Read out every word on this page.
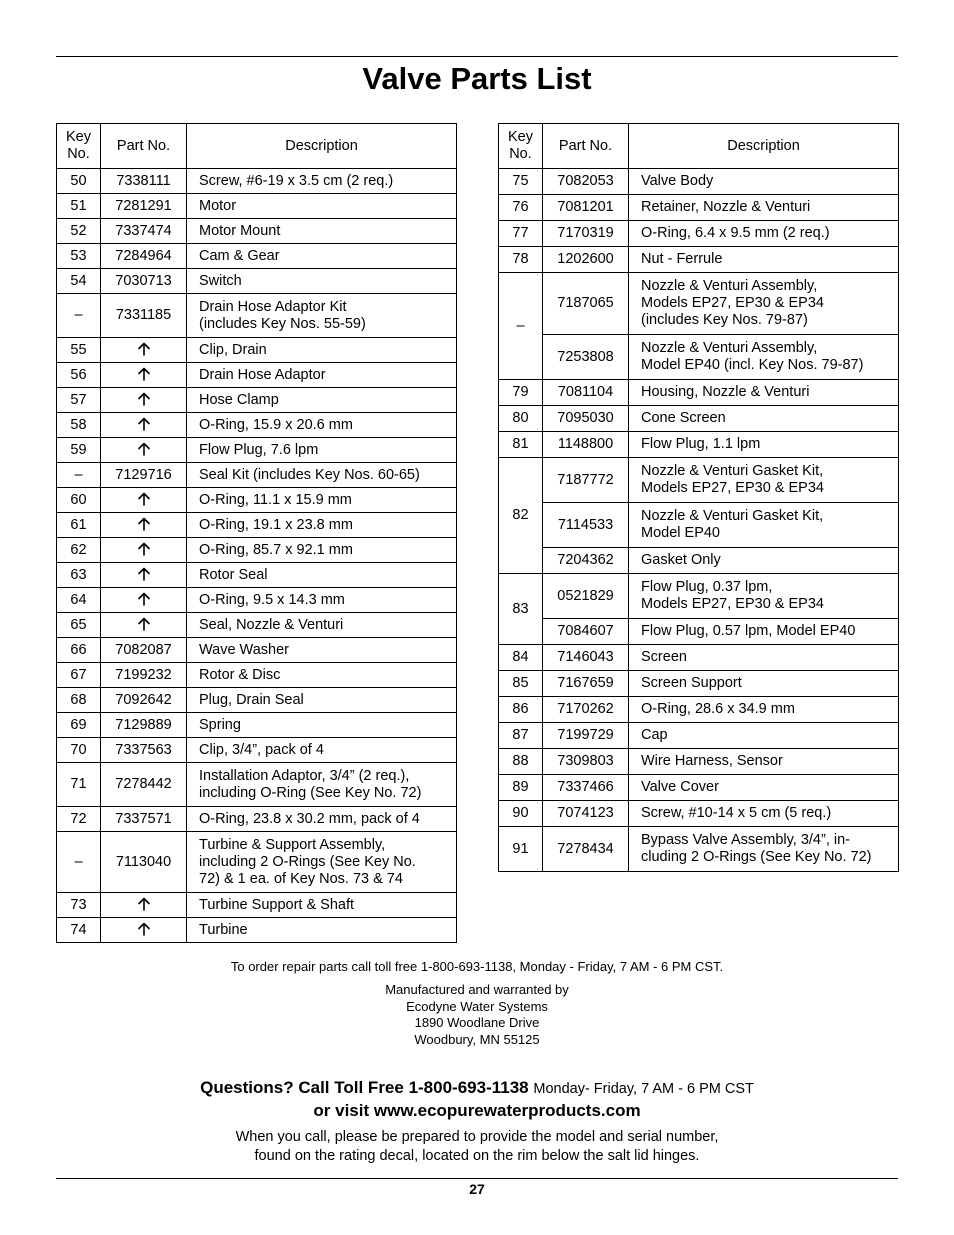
Valve Parts List
Key
No.	Part No.	Description
50	7338111	Screw, #6-19 x 3.5 cm (2 req.)

51	7281291	Motor

52	7337474	Motor Mount

53	7284964	Cam & Gear

54	7030713	Switch

–	7331185	Drain Hose Adaptor Kit
(includes Key Nos. 55-59)

55		Clip, Drain

56		Drain Hose Adaptor

57		Hose Clamp

58		O-Ring, 15.9 x 20.6 mm

59		Flow Plug, 7.6 lpm

–	7129716	Seal Kit (includes Key Nos. 60-65)

60		O-Ring, 11.1 x 15.9 mm

61		O-Ring, 19.1 x 23.8 mm

62		O-Ring, 85.7 x 92.1 mm

63		Rotor Seal

64		O-Ring, 9.5 x 14.3 mm

65		Seal, Nozzle & Venturi

66	7082087	Wave Washer

67	7199232	Rotor & Disc

68	7092642	Plug, Drain Seal

69	7129889	Spring

70	7337563	Clip, 3/4”, pack of 4

71	7278442	Installation Adaptor, 3/4” (2 req.),
including O-Ring (See Key No. 72)

72	7337571	O-Ring, 23.8 x 30.2 mm, pack of 4

–	7113040	Turbine & Support Assembly,
including 2 O-Rings (See Key No.
72) & 1 ea. of Key Nos. 73 & 74

73		Turbine Support & Shaft

74		Turbine
Key
No.	Part No.	Description
75	7082053	Valve Body

76	7081201	Retainer, Nozzle & Venturi

77	7170319	O-Ring, 6.4 x 9.5 mm (2 req.)

78	1202600	Nut - Ferrule

–	7187065	Nozzle & Venturi Assembly,
Models EP27, EP30 & EP34
(includes Key Nos. 79-87)

	7253808	Nozzle & Venturi Assembly,
Model EP40 (incl. Key Nos. 79-87)

79	7081104	Housing, Nozzle & Venturi

80	7095030	Cone Screen

81	1148800	Flow Plug, 1.1 lpm

82	7187772	Nozzle & Venturi Gasket Kit,
Models EP27, EP30 & EP34

	7114533	Nozzle & Venturi Gasket Kit,
Model EP40

	7204362	Gasket Only

83	0521829	Flow Plug, 0.37 lpm,
Models EP27, EP30 & EP34

	7084607	Flow Plug, 0.57 lpm, Model EP40

84	7146043	Screen

85	7167659	Screen Support

86	7170262	O-Ring, 28.6 x 34.9 mm

87	7199729	Cap

88	7309803	Wire Harness, Sensor

89	7337466	Valve Cover

90	7074123	Screw, #10-14 x 5 cm (5 req.)

91	7278434	Bypass Valve Assembly, 3/4”, in-
cluding 2 O-Rings (See Key No. 72)

To order repair parts call toll free 1-800-693-1138, Monday - Friday, 7 AM - 6 PM CST.

Manufactured and warranted by
Ecodyne Water Systems
1890 Woodlane Drive
Woodbury, MN 55125
Questions? Call Toll Free 1-800-693-1138 Monday- Friday, 7 AM - 6 PM CST
or visit www.ecopurewaterproducts.com
When you call, please be prepared to provide the model and serial number,
found on the rating decal, located on the rim below the salt lid hinges.
27
